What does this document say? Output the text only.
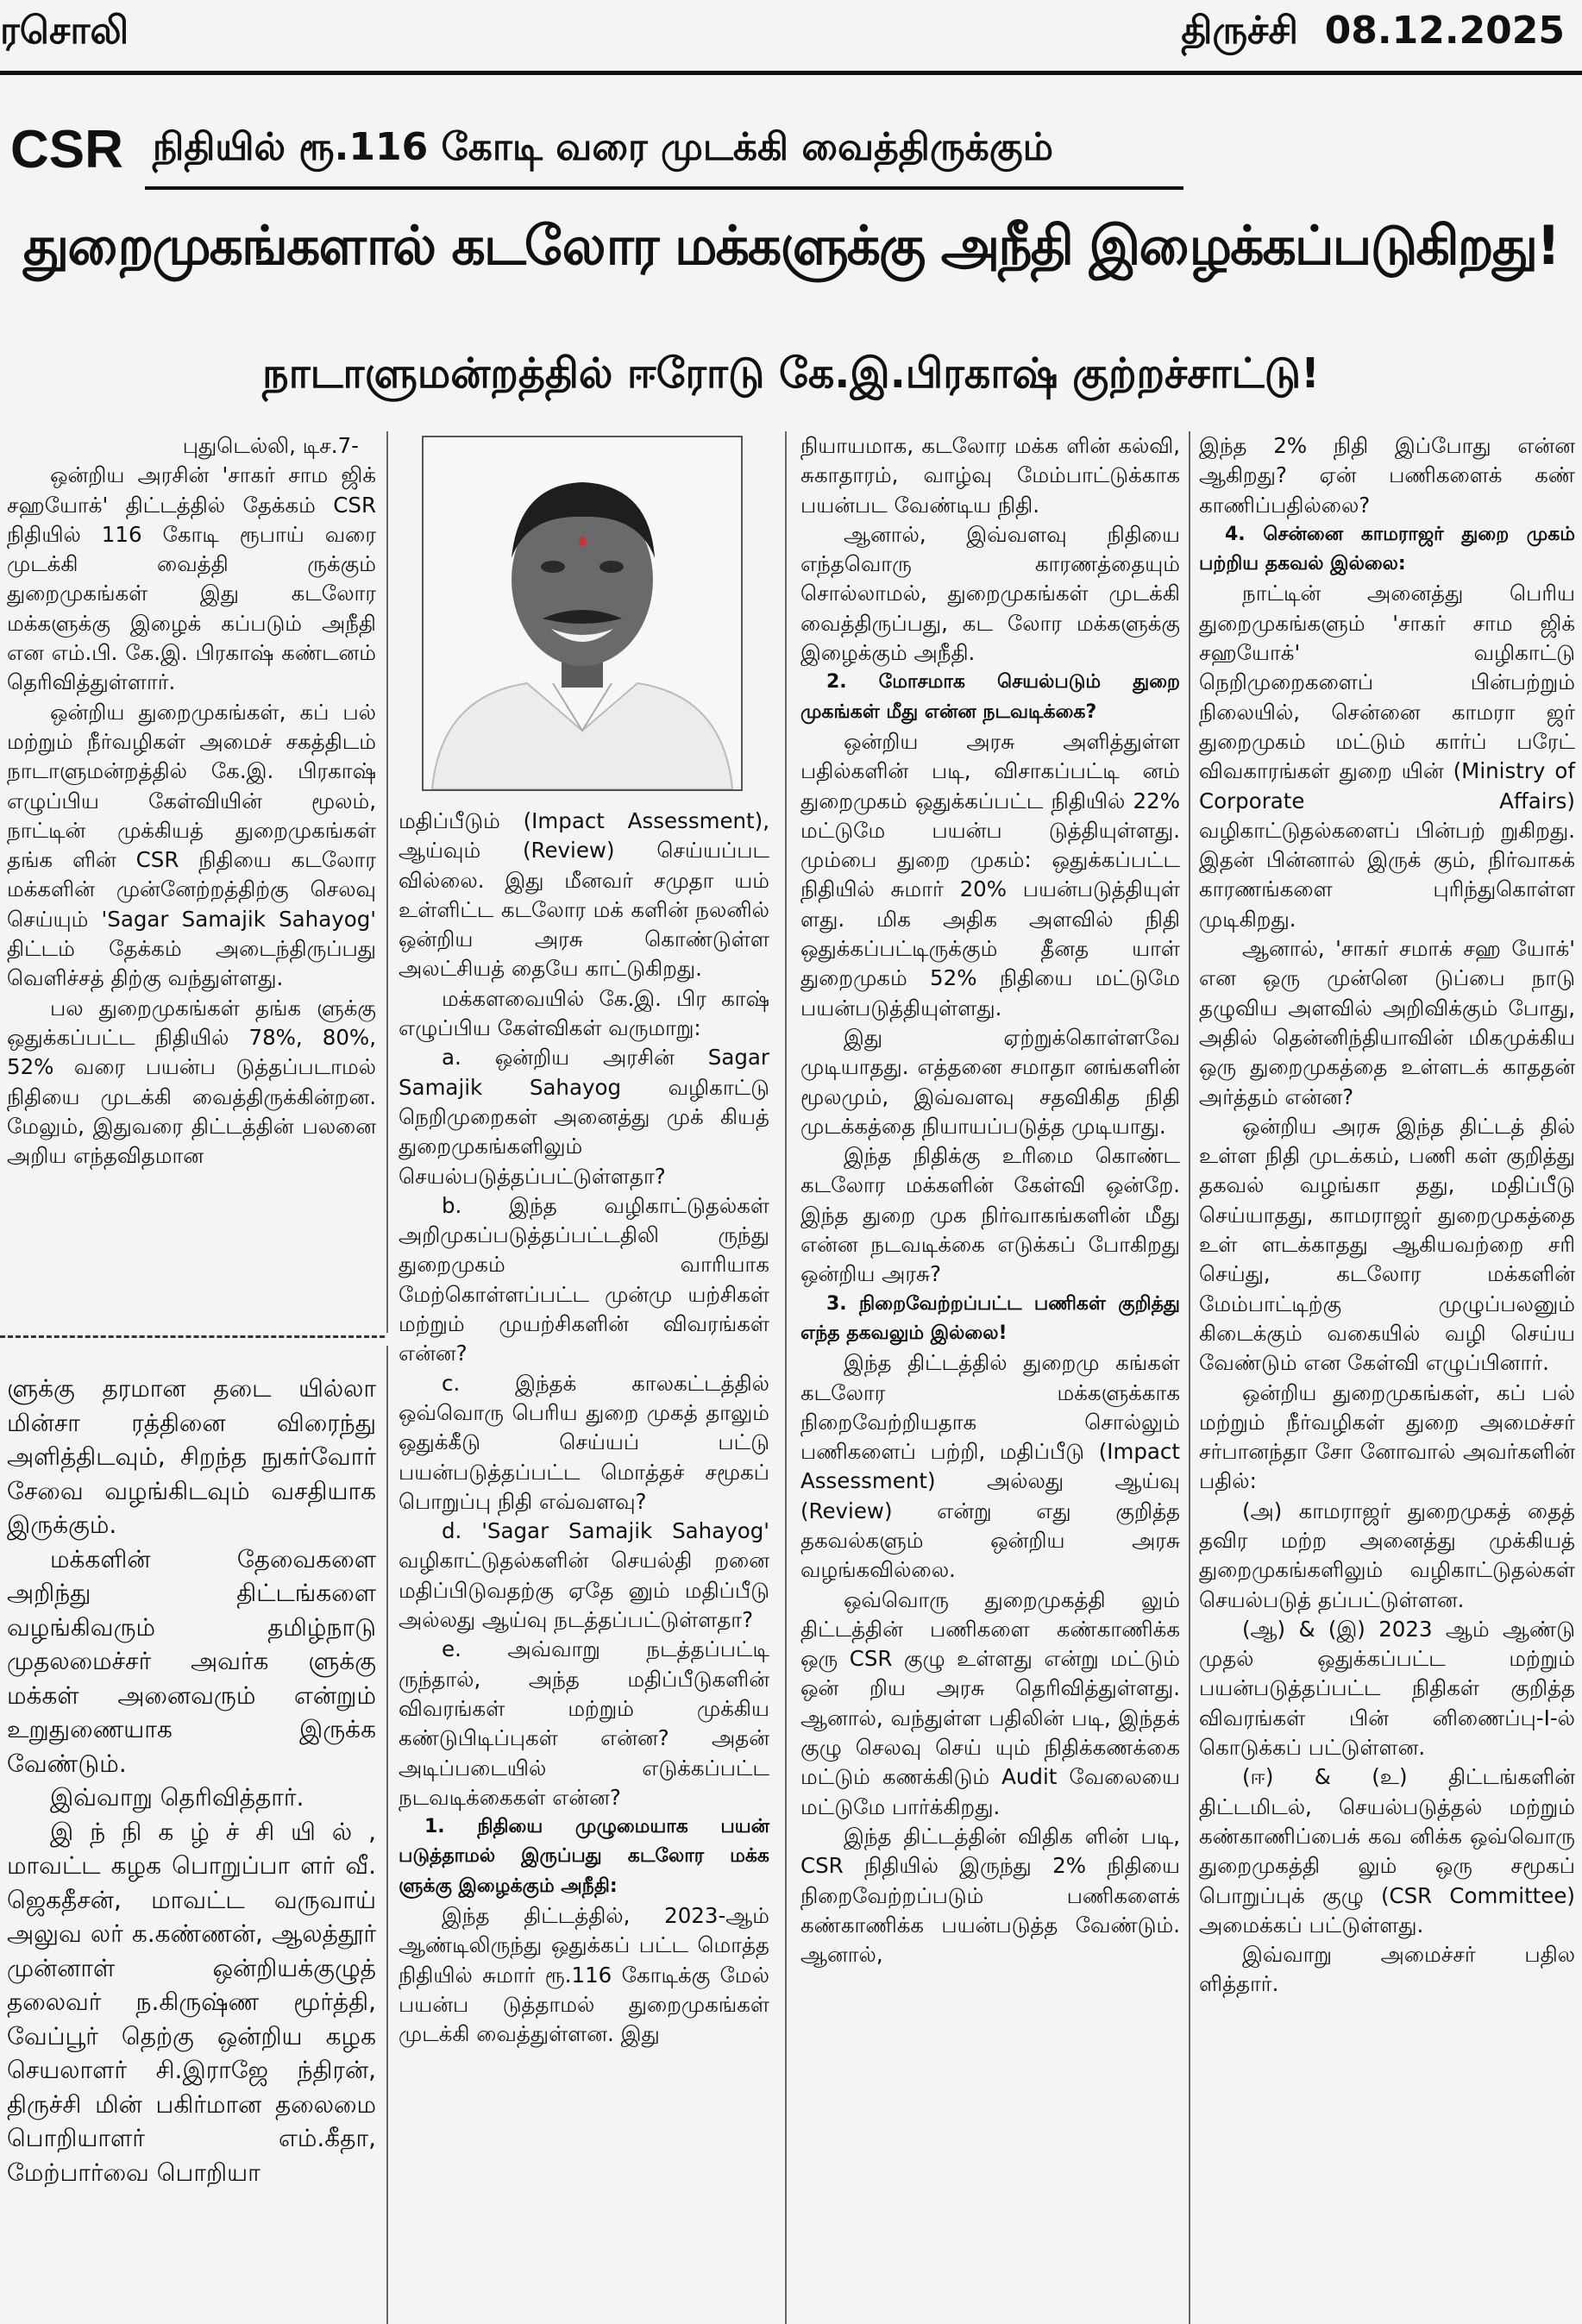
ரசொலி	திருச்சி 08.12.2025
CSR நிதியில் ரூ.116 கோடி வரை முடக்கி வைத்திருக்கும்
துறைமுகங்களால் கடலோர மக்களுக்கு அநீதி இழைக்கப்படுகிறது!
நாடாளுமன்றத்தில் ஈரோடு கே.இ.பிரகாஷ் குற்றச்சாட்டு!

புதுடெல்லி, டிச.7-

ஒன்றிய அரசின் 'சாகர் சாம ஜிக் சஹயோக்' திட்டத்தில் தேக்கம் CSR நிதியில் 116 கோடி ரூபாய் வரை முடக்கி வைத்தி ருக்கும் துறைமுகங்கள் இது கடலோர மக்களுக்கு இழைக் கப்படும் அநீதி என எம்.பி. கே.இ. பிரகாஷ் கண்டனம் தெரிவித்துள்ளார்.

ஒன்றிய துறைமுகங்கள், கப் பல் மற்றும் நீர்வழிகள் அமைச் சகத்திடம் நாடாளுமன்றத்தில் கே.இ. பிரகாஷ் எழுப்பிய கேள்வியின் மூலம், நாட்டின் முக்கியத் துறைமுகங்கள் தங்க ளின் CSR நிதியை கடலோர மக்களின் முன்னேற்றத்திற்கு செலவு செய்யும் 'Sagar Samajik Sahayog' திட்டம் தேக்கம் அடைந்திருப்பது வெளிச்சத் திற்கு வந்துள்ளது.

பல துறைமுகங்கள் தங்க ளுக்கு ஒதுக்கப்பட்ட நிதியில் 78%, 80%, 52% வரை பயன்ப டுத்தப்படாமல் நிதியை முடக்கி வைத்திருக்கின்றன. மேலும், இதுவரை திட்டத்தின் பலனை அறிய எந்தவிதமான

ளுக்கு தரமான தடை யில்லா மின்சா ரத்தினை விரைந்து அளித்திடவும், சிறந்த நுகர்வோர் சேவை வழங்கிடவும் வசதியாக இருக்கும்.

மக்களின் தேவைகளை அறிந்து திட்டங்களை வழங்கிவரும் தமிழ்நாடு முதலமைச்சர் அவர்க ளுக்கு மக்கள் அனைவரும் என்றும் உறுதுணையாக இருக்க வேண்டும்.

இவ்வாறு தெரிவித்தார்.

இ ந் நி க ழ் ச் சி யி ல் , மாவட்ட கழக பொறுப்பா ளர் வீ. ஜெகதீசன், மாவட்ட வருவாய் அலுவ லர் க.கண்ணன், ஆலத்தூர் முன்னாள் ஒன்றியக்குழுத் தலைவர் ந.கிருஷ்ண மூர்த்தி, வேப்பூர் தெற்கு ஒன்றிய கழக செயலாளர் சி.இராஜே ந்திரன், திருச்சி மின் பகிர்மான தலைமை பொறியாளர் எம்.கீதா, மேற்பார்வை பொறியா

மதிப்பீடும் (Impact Assessment), ஆய்வும் (Review) செய்யப்பட வில்லை. இது மீனவர் சமுதா யம் உள்ளிட்ட கடலோர மக் களின் நலனில் ஒன்றிய அரசு கொண்டுள்ள அலட்சியத் தையே காட்டுகிறது.

மக்களவையில் கே.இ. பிர காஷ் எழுப்பிய கேள்விகள் வருமாறு:

a. ஒன்றிய அரசின் Sagar Samajik Sahayog வழிகாட்டு நெறிமுறைகள் அனைத்து முக் கியத் துறைமுகங்களிலும் செயல்படுத்தப்பட்டுள்ளதா?

b. இந்த வழிகாட்டுதல்கள் அறிமுகப்படுத்தப்பட்டதிலி ருந்து துறைமுகம் வாரியாக மேற்கொள்ளப்பட்ட முன்மு யற்சிகள் மற்றும் முயற்சிகளின் விவரங்கள் என்ன?

c. இந்தக் காலகட்டத்தில் ஒவ்வொரு பெரிய துறை முகத் தாலும் ஒதுக்கீடு செய்யப் பட்டு பயன்படுத்தப்பட்ட மொத்தச் சமூகப் பொறுப்பு நிதி எவ்வளவு?

d. 'Sagar Samajik Sahayog' வழிகாட்டுதல்களின் செயல்தி றனை மதிப்பிடுவதற்கு ஏதே னும் மதிப்பீடு அல்லது ஆய்வு நடத்தப்பட்டுள்ளதா?

e. அவ்வாறு நடத்தப்பட்டி ருந்தால், அந்த மதிப்பீடுகளின் விவரங்கள் மற்றும் முக்கிய கண்டுபிடிப்புகள் என்ன? அதன் அடிப்படையில் எடுக்கப்பட்ட நடவடிக்கைகள் என்ன?

1. நிதியை முழுமையாக பயன் படுத்தாமல் இருப்பது கடலோர மக்க ளுக்கு இழைக்கும் அநீதி:

இந்த திட்டத்தில், 2023-ஆம் ஆண்டிலிருந்து ஒதுக்கப் பட்ட மொத்த நிதியில் சுமார் ரூ.116 கோடிக்கு மேல் பயன்ப டுத்தாமல் துறைமுகங்கள் முடக்கி வைத்துள்ளன. இது

நியாயமாக, கடலோர மக்க ளின் கல்வி, சுகாதாரம், வாழ்வு மேம்பாட்டுக்காக பயன்பட வேண்டிய நிதி.

ஆனால், இவ்வளவு நிதியை எந்தவொரு காரணத்தையும் சொல்லாமல், துறைமுகங்கள் முடக்கி வைத்திருப்பது, கட லோர மக்களுக்கு இழைக்கும் அநீதி.

2. மோசமாக செயல்படும் துறை முகங்கள் மீது என்ன நடவடிக்கை?

ஒன்றிய அரசு அளித்துள்ள பதில்களின் படி, விசாகப்பட்டி னம் துறைமுகம் ஒதுக்கப்பட்ட நிதியில் 22% மட்டுமே பயன்ப டுத்தியுள்ளது. மும்பை துறை முகம்: ஒதுக்கப்பட்ட நிதியில் சுமார் 20% பயன்படுத்தியுள் ளது. மிக அதிக அளவில் நிதி ஒதுக்கப்பட்டிருக்கும் தீனத யாள் துறைமுகம் 52% நிதியை மட்டுமே பயன்படுத்தியுள்ளது.

இது ஏற்றுக்கொள்ளவே முடியாதது. எத்தனை சமாதா னங்களின் மூலமும், இவ்வளவு சதவிகித நிதி முடக்கத்தை நியாயப்படுத்த முடியாது.

இந்த நிதிக்கு உரிமை கொண்ட கடலோர மக்களின் கேள்வி ஒன்றே. இந்த துறை முக நிர்வாகங்களின் மீது என்ன நடவடிக்கை எடுக்கப் போகிறது ஒன்றிய அரசு?

3. நிறைவேற்றப்பட்ட பணிகள் குறித்து எந்த தகவலும் இல்லை!

இந்த திட்டத்தில் துறைமு கங்கள் கடலோர மக்களுக்காக நிறைவேற்றியதாக சொல்லும் பணிகளைப் பற்றி, மதிப்பீடு (Impact Assessment) அல்லது ஆய்வு (Review) என்று எது குறித்த தகவல்களும் ஒன்றிய அரசு வழங்கவில்லை.

ஒவ்வொரு துறைமுகத்தி லும் திட்டத்தின் பணிகளை கண்காணிக்க ஒரு CSR குழு உள்ளது என்று மட்டும் ஒன் றிய அரசு தெரிவித்துள்ளது. ஆனால், வந்துள்ள பதிலின் படி, இந்தக் குழு செலவு செய் யும் நிதிக்கணக்கை மட்டும் கணக்கிடும் Audit வேலையை மட்டுமே பார்க்கிறது.

இந்த திட்டத்தின் விதிக ளின் படி, CSR நிதியில் இருந்து 2% நிதியை நிறைவேற்றப்படும் பணிகளைக் கண்காணிக்க பயன்படுத்த வேண்டும். ஆனால்,

இந்த 2% நிதி இப்போது என்ன ஆகிறது? ஏன் பணிகளைக் கண் காணிப்பதில்லை?

4. சென்னை காமராஜர் துறை முகம் பற்றிய தகவல் இல்லை:

நாட்டின் அனைத்து பெரிய துறைமுகங்களும் 'சாகர் சாம ஜிக் சஹயோக்' வழிகாட்டு நெறிமுறைகளைப் பின்பற்றும் நிலையில், சென்னை காமரா ஜர் துறைமுகம் மட்டும் கார்ப் பரேட் விவகாரங்கள் துறை யின் (Ministry of Corporate Affairs) வழிகாட்டுதல்களைப் பின்பற் றுகிறது. இதன் பின்னால் இருக் கும், நிர்வாகக் காரணங்களை புரிந்துகொள்ள முடிகிறது.

ஆனால், 'சாகர் சமாக் சஹ யோக்' என ஒரு முன்னெ டுப்பை நாடு தழுவிய அளவில் அறிவிக்கும் போது, அதில் தென்னிந்தியாவின் மிகமுக்கிய ஒரு துறைமுகத்தை உள்ளடக் காததன் அர்த்தம் என்ன?

ஒன்றிய அரசு இந்த திட்டத் தில் உள்ள நிதி முடக்கம், பணி கள் குறித்து தகவல் வழங்கா தது, மதிப்பீடு செய்யாதது, காமராஜர் துறைமுகத்தை உள் ளடக்காதது ஆகியவற்றை சரி செய்து, கடலோர மக்களின் மேம்பாட்டிற்கு முழுப்பலனும் கிடைக்கும் வகையில் வழி செய்ய வேண்டும் என கேள்வி எழுப்பினார்.

ஒன்றிய துறைமுகங்கள், கப் பல் மற்றும் நீர்வழிகள் துறை அமைச்சர் சர்பானந்தா சோ னோவால் அவர்களின் பதில்:

(அ) காமராஜர் துறைமுகத் தைத் தவிர மற்ற அனைத்து முக்கியத் துறைமுகங்களிலும் வழிகாட்டுதல்கள் செயல்படுத் தப்பட்டுள்ளன.

(ஆ) & (இ) 2023 ஆம் ஆண்டு முதல் ஒதுக்கப்பட்ட மற்றும் பயன்படுத்தப்பட்ட நிதிகள் குறித்த விவரங்கள் பின் னிணைப்பு-I-ல் கொடுக்கப் பட்டுள்ளன.

(ஈ) & (உ) திட்டங்களின் திட்டமிடல், செயல்படுத்தல் மற்றும் கண்காணிப்பைக் கவ னிக்க ஒவ்வொரு துறைமுகத்தி லும் ஒரு சமூகப் பொறுப்புக் குழு (CSR Committee) அமைக்கப் பட்டுள்ளது.

இவ்வாறு அமைச்சர் பதில ளித்தார்.
